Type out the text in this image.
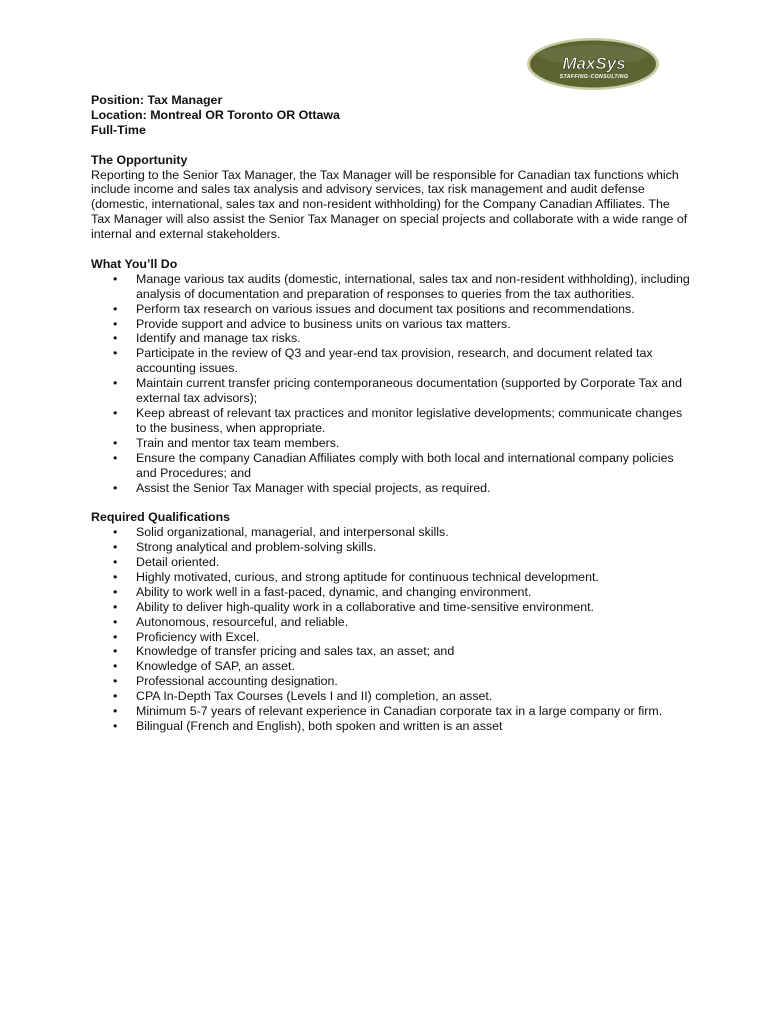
MaxSys
STAFFING·CONSULTING

Position: Tax Manager

Location: Montreal OR Toronto OR Ottawa

Full-Time

The Opportunity

Reporting to the Senior Tax Manager, the Tax Manager will be responsible for Canadian tax functions which include income and sales tax analysis and advisory services, tax risk management and audit defense (domestic, international, sales tax and non-resident withholding) for the Company Canadian Affiliates. The Tax Manager will also assist the Senior Tax Manager on special projects and collaborate with a wide range of internal and external stakeholders.

What You’ll Do

• Manage various tax audits (domestic, international, sales tax and non-resident withholding), including analysis of documentation and preparation of responses to queries from the tax authorities.
• Perform tax research on various issues and document tax positions and recommendations.
• Provide support and advice to business units on various tax matters.
• Identify and manage tax risks.
• Participate in the review of Q3 and year-end tax provision, research, and document related tax accounting issues.
• Maintain current transfer pricing contemporaneous documentation (supported by Corporate Tax and external tax advisors);
• Keep abreast of relevant tax practices and monitor legislative developments; communicate changes to the business, when appropriate.
• Train and mentor tax team members.
• Ensure the company Canadian Affiliates comply with both local and international company policies and Procedures; and
• Assist the Senior Tax Manager with special projects, as required.

Required Qualifications

• Solid organizational, managerial, and interpersonal skills.
• Strong analytical and problem-solving skills.
• Detail oriented.
• Highly motivated, curious, and strong aptitude for continuous technical development.
• Ability to work well in a fast-paced, dynamic, and changing environment.
• Ability to deliver high-quality work in a collaborative and time-sensitive environment.
• Autonomous, resourceful, and reliable.
• Proficiency with Excel.
• Knowledge of transfer pricing and sales tax, an asset; and
• Knowledge of SAP, an asset.
• Professional accounting designation.
• CPA In-Depth Tax Courses (Levels I and II) completion, an asset.
• Minimum 5-7 years of relevant experience in Canadian corporate tax in a large company or firm.
• Bilingual (French and English), both spoken and written is an asset
